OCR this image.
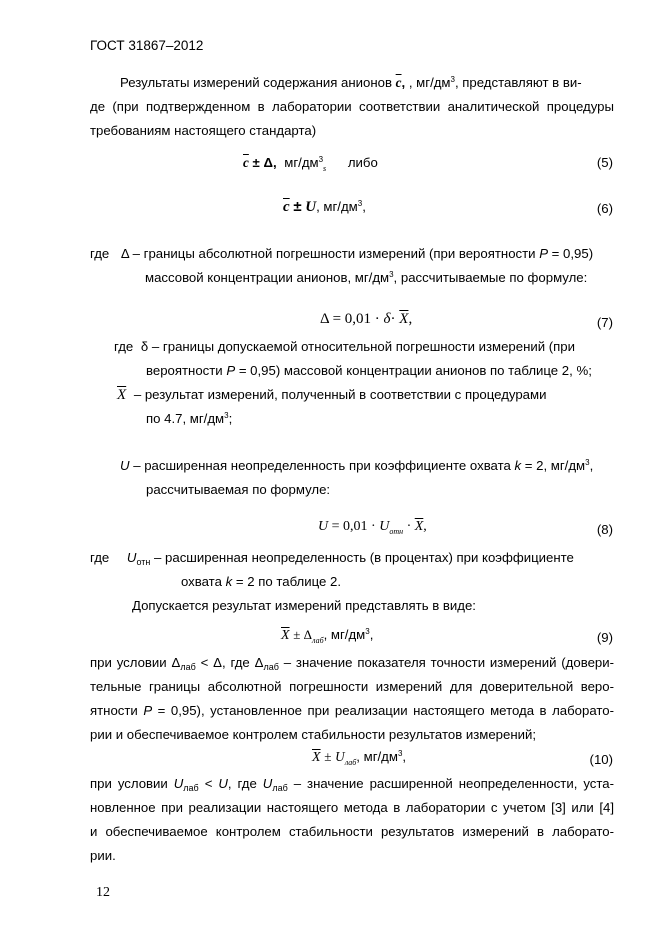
ГОСТ 31867–2012
Результаты измерений содержания анионов $\overline{c}$, , $мг/дм^3$, представляют в ви-
де (при подтвержденном в лаборатории соответствии аналитической процедуры
требованиям настоящего стандарта)
$\overline{c} \pm \Delta$, $мг/дм^3_s$ либо	(5)
$\overline{c} \pm U$, $мг/дм^3$,	(6)
где Δ – границы абсолютной погрешности измерений (при вероятности P = 0,95)
массовой концентрации анионов, $мг/дм^3$, рассчитываемые по формуле:
$\Delta = 0,01 \cdot \delta\cdot \overline{X}$,	(7)
где δ – границы допускаемой относительной погрешности измерений (при
вероятности P = 0,95) массовой концентрации анионов по таблице 2, %;
$\overline{X}$ – результат измерений, полученный в соответствии с процедурами
по 4.7, $мг/дм^3$;
U – расширенная неопределенность при коэффициенте охвата k = 2, $мг/дм^3$,
рассчитываемая по формуле:
$U = 0,01 \cdot U_{отн} \cdot \overline{X}$,	(8)
где $U_{отн}$ – расширенная неопределенность (в процентах) при коэффициенте
охвата k = 2 по таблице 2.
Допускается результат измерений представлять в виде:
$\overline{X} \pm \Delta_{лаб}$, $мг/дм^3$,	(9)
при условии $\Delta_{лаб} < \Delta$, где $\Delta_{лаб}$ – значение показателя точности измерений (довери-
тельные границы абсолютной погрешности измерений для доверительной веро-
ятности P = 0,95), установленное при реализации настоящего метода в лаборато-
рии и обеспечиваемое контролем стабильности результатов измерений;
$\overline{X} \pm U_{лаб}$, $мг/дм^3$,	(10)
при условии $U_{лаб} < U$, где $U_{лаб}$ – значение расширенной неопределенности, уста-
новленное при реализации настоящего метода в лаборатории с учетом [3] или [4]
и обеспечиваемое контролем стабильности результатов измерений в лаборато-
рии.
12
